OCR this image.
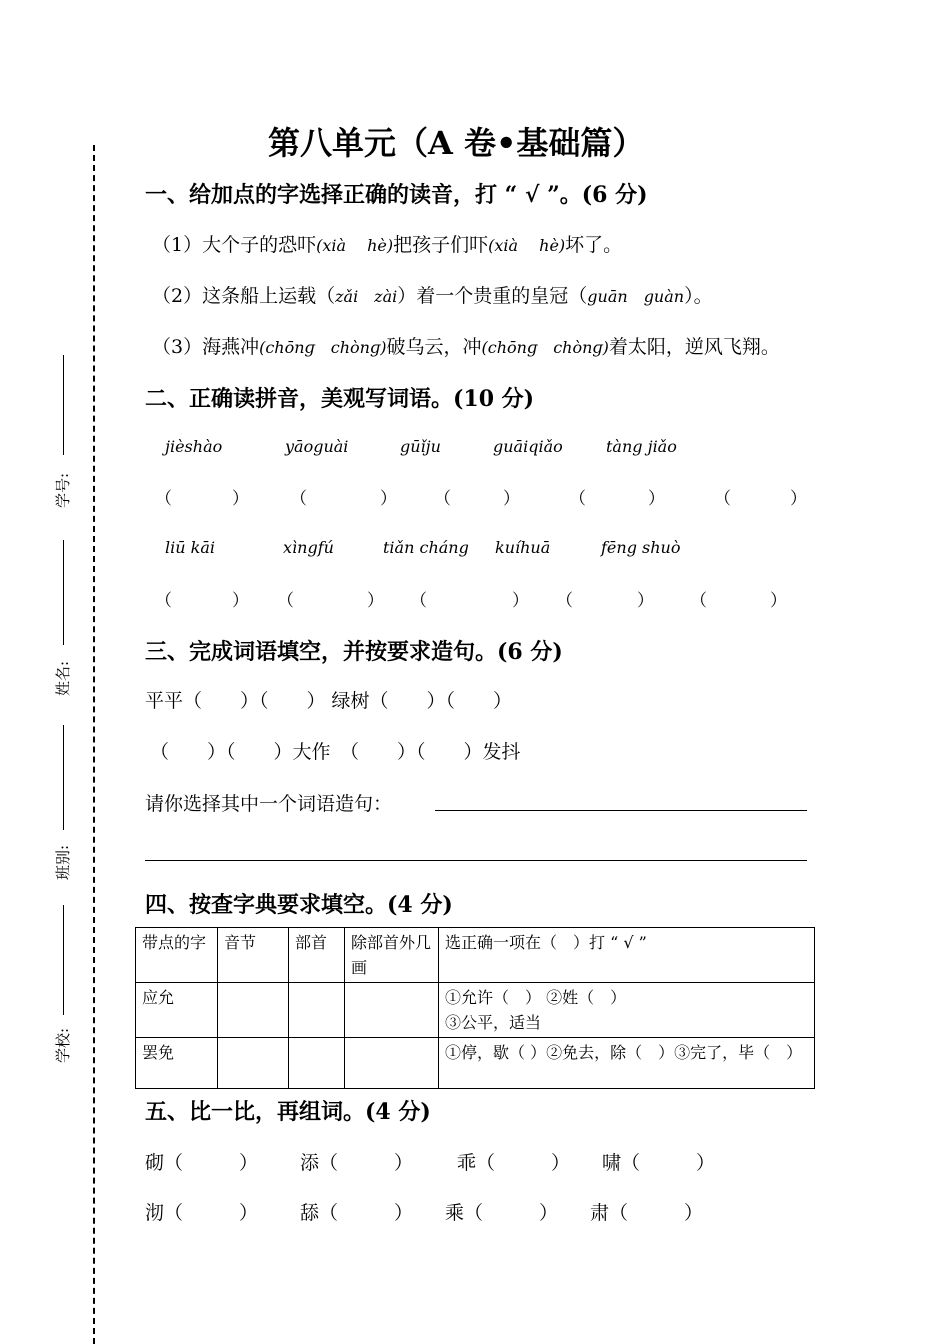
学号:
姓名:
班别:
学校:
第八单元（A 卷•基础篇）
一、给加点的字选择正确的读音，打 “ √ ”。(6 分)
（1）大个子的恐吓(xià　 hè)把孩子们吓(xià　 hè)坏了。
（2）这条船上运载（zǎi　zài）着一个贵重的皇冠（guān　guàn）。
（3）海燕冲(chōnɡ　chònɡ)破乌云，冲(chōnɡ　chònɡ)着太阳，逆风飞翔。
二、正确读拼音，美观写词语。(10 分)
jièshào	yāoguài	gūǐju	guāiqiǎo	tàng jiǎo
（	） （	） （	）	（	）	（	）
liū kāi	xìngfú	tiǎn cháng kuíhuā	fēng shuò
（	） （	） （	） （	） （	）
三、完成词语填空，并按要求造句。(6 分)
平平（　　）（　　） 绿树（　　）（　　）
（　　）（　　）大作　（　　）（　　）发抖
请你选择其中一个词语造句：
四、按查字典要求填空。(4 分)
带点的字	音节	部首	除部首外几画	选正确一项在（　）打 “ √ ”
应允				①允许（　） ②姓（　）
③公平，适当
罢免				①停，歇（ ）②免去，除（　）③完了，毕（　）
五、比一比，再组词。(4 分)
砌（	） 添（	） 乖（	） 啸（	）
沏（	） 舔（	） 乘（	） 肃（	）
